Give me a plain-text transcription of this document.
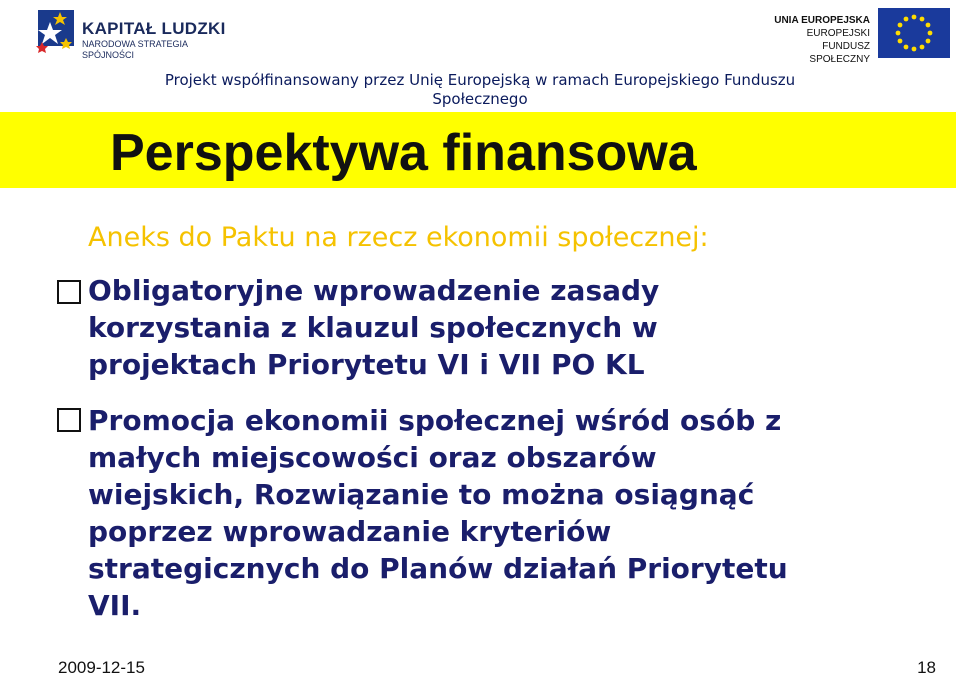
KAPITAŁ LUDZKI
NARODOWA STRATEGIA SPÓJNOŚCI
UNIA EUROPEJSKA
EUROPEJSKI
FUNDUSZ SPOŁECZNY
Projekt współfinansowany przez Unię Europejską w ramach Europejskiego Funduszu
Społecznego
Perspektywa finansowa
Aneks do Paktu na rzecz ekonomii społecznej:
Obligatoryjne wprowadzenie zasady
korzystania z klauzul społecznych w
projektach Priorytetu VI i VII PO KL
Promocja ekonomii społecznej wśród osób z
małych miejscowości oraz obszarów
wiejskich, Rozwiązanie to można osiągnąć
poprzez wprowadzanie kryteriów
strategicznych do Planów działań Priorytetu
VII.
2009-12-15	18
